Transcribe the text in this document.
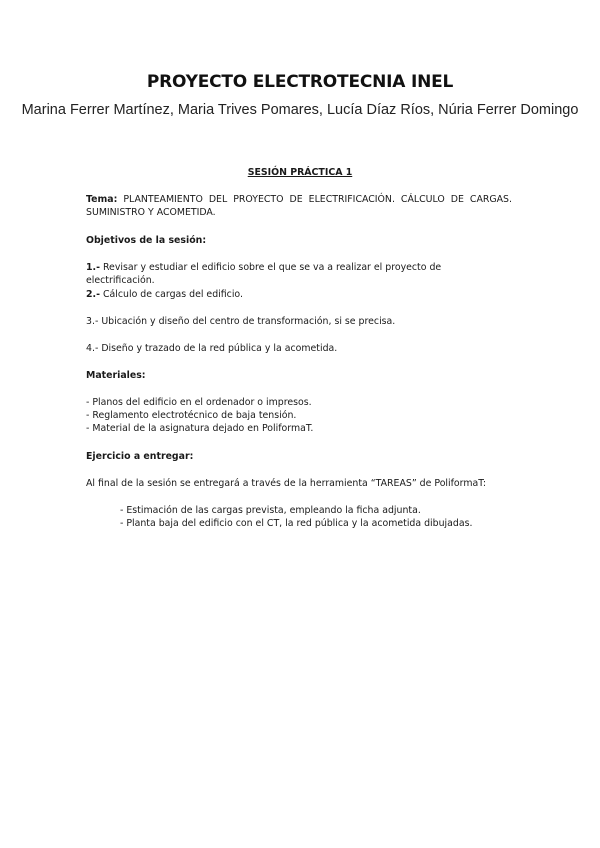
PROYECTO ELECTROTECNIA INEL
Marina Ferrer Martínez, Maria Trives Pomares, Lucía Díaz Ríos, Núria Ferrer Domingo
SESIÓN PRÁCTICA 1
Tema: PLANTEAMIENTO DEL PROYECTO DE ELECTRIFICACIÓN. CÁLCULO DE CARGAS. SUMINISTRO Y ACOMETIDA.
Objetivos de la sesión:
1.- Revisar y estudiar el edificio sobre el que se va a realizar el proyecto de electrificación.
2.- Cálculo de cargas del edificio.
3.- Ubicación y diseño del centro de transformación, si se precisa.
4.- Diseño y trazado de la red pública y la acometida.
Materiales:
- Planos del edificio en el ordenador o impresos.
- Reglamento electrotécnico de baja tensión.
- Material de la asignatura dejado en PoliformaT.
Ejercicio a entregar:
Al final de la sesión se entregará a través de la herramienta “TAREAS” de PoliformaT:
- Estimación de las cargas prevista, empleando la ficha adjunta.
- Planta baja del edificio con el CT, la red pública y la acometida dibujadas.
